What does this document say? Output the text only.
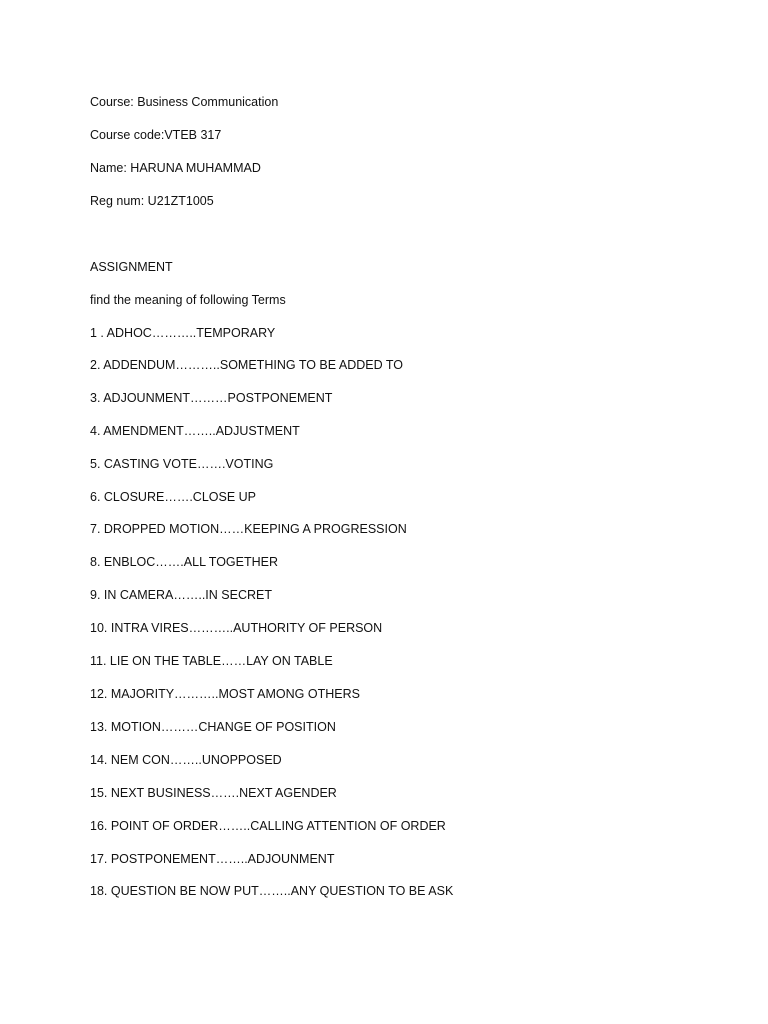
Course: Business Communication
Course code:VTEB 317
Name: HARUNA MUHAMMAD
Reg num: U21ZT1005
ASSIGNMENT
find the meaning of following Terms
1 . ADHOC………..TEMPORARY
2. ADDENDUM………..SOMETHING TO BE ADDED TO
3. ADJOUNMENT………POSTPONEMENT
4. AMENDMENT……..ADJUSTMENT
5. CASTING VOTE…….VOTING
6. CLOSURE…….CLOSE UP
7. DROPPED MOTION……KEEPING A PROGRESSION
8. ENBLOC…….ALL TOGETHER
9. IN CAMERA……..IN SECRET
10. INTRA VIRES………..AUTHORITY OF PERSON
11. LIE ON THE TABLE……LAY ON TABLE
12. MAJORITY………..MOST AMONG OTHERS
13. MOTION………CHANGE OF POSITION
14. NEM CON……..UNOPPOSED
15. NEXT BUSINESS…….NEXT AGENDER
16. POINT OF ORDER……..CALLING ATTENTION OF ORDER
17. POSTPONEMENT……..ADJOUNMENT
18. QUESTION BE NOW PUT……..ANY QUESTION TO BE ASK
